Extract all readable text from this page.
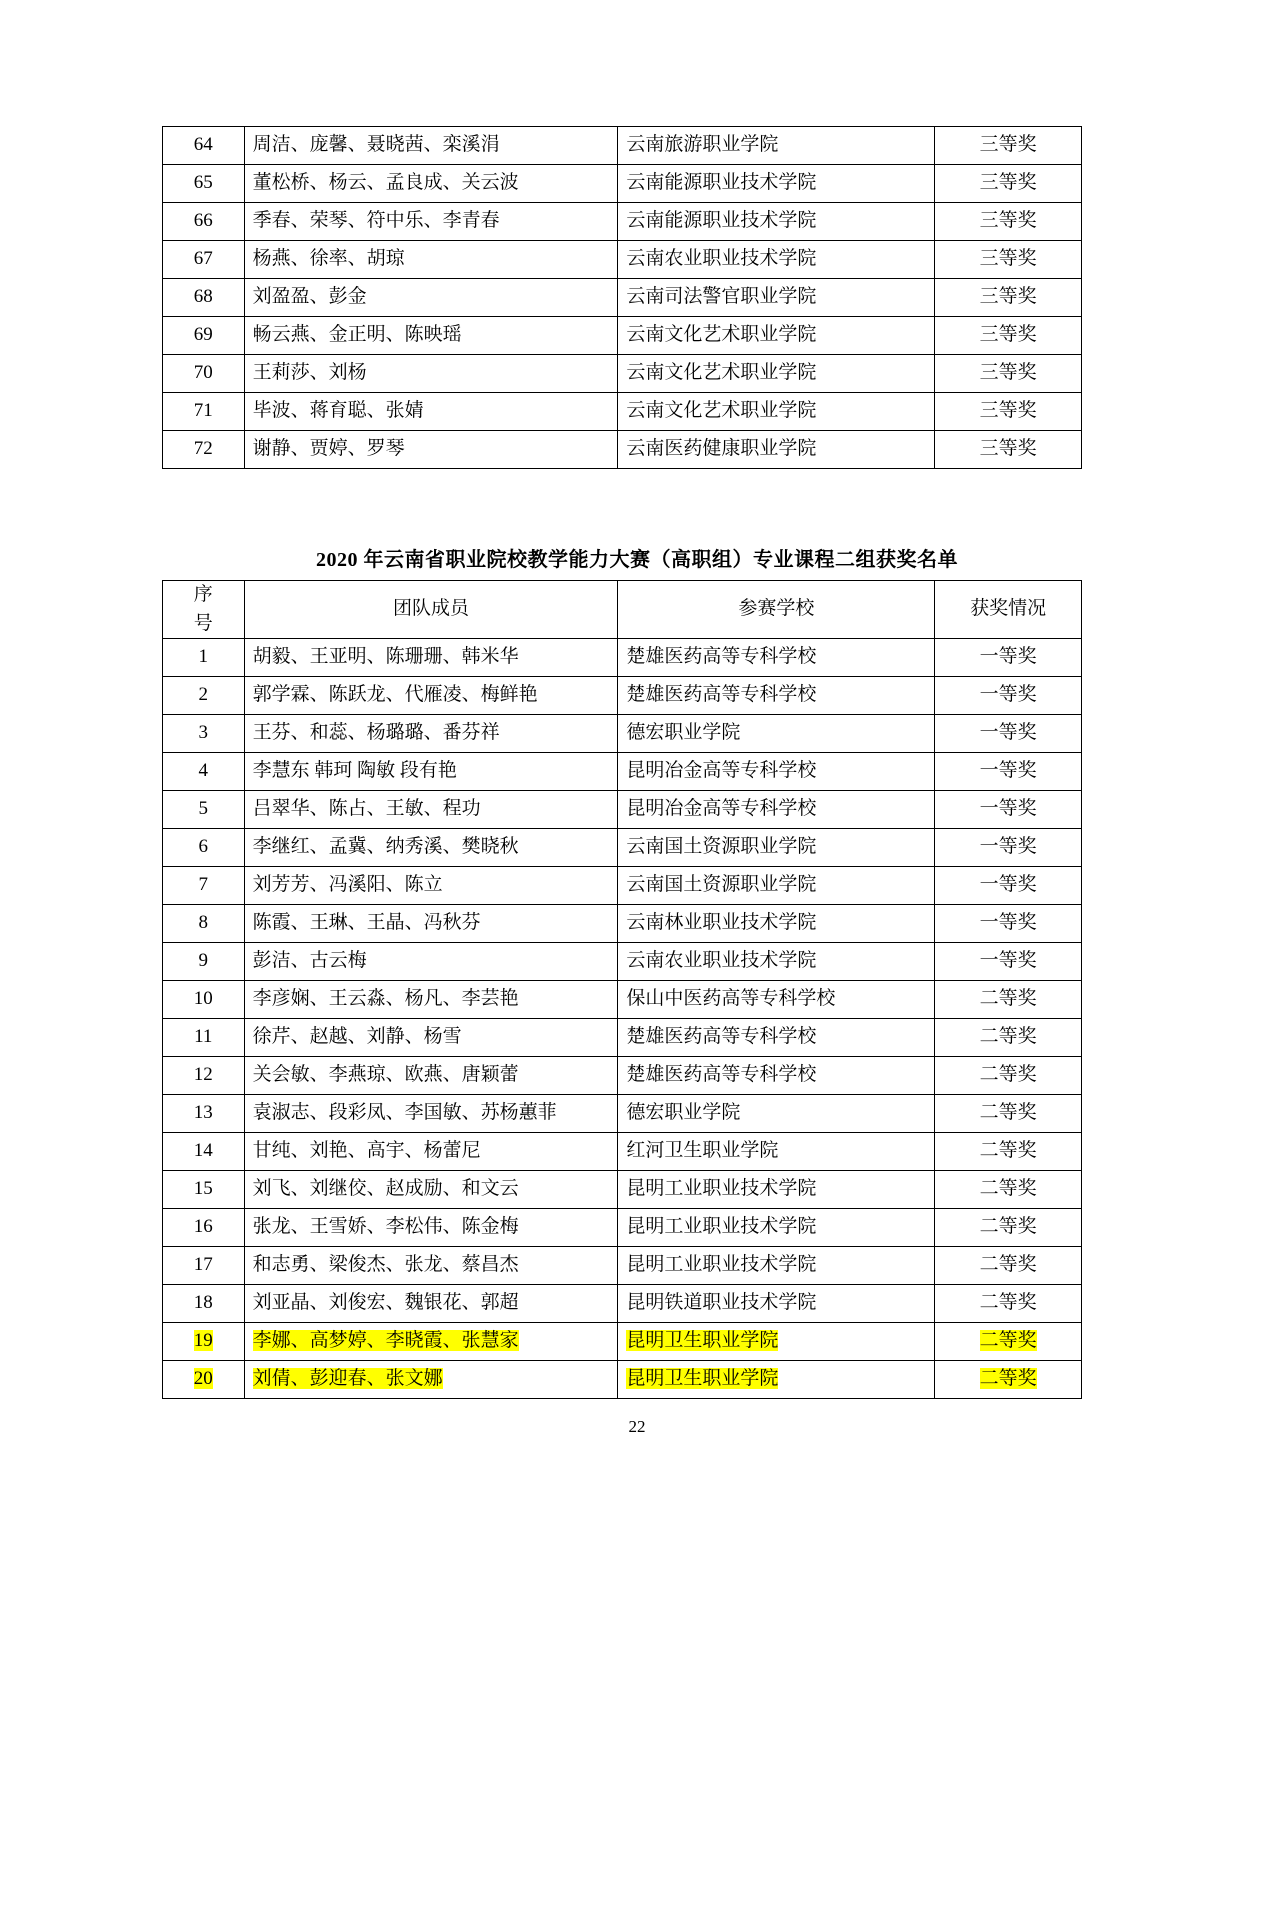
64	周洁、庞馨、聂晓茜、栾溪涓	云南旅游职业学院	三等奖
65	董松桥、杨云、孟良成、关云波	云南能源职业技术学院	三等奖
66	季春、荣琴、符中乐、李青春	云南能源职业技术学院	三等奖
67	杨燕、徐率、胡琼	云南农业职业技术学院	三等奖
68	刘盈盈、彭金	云南司法警官职业学院	三等奖
69	畅云燕、金正明、陈映瑶	云南文化艺术职业学院	三等奖
70	王莉莎、刘杨	云南文化艺术职业学院	三等奖
71	毕波、蒋育聪、张婧	云南文化艺术职业学院	三等奖
72	谢静、贾婷、罗琴	云南医药健康职业学院	三等奖
2020 年云南省职业院校教学能力大赛（高职组）专业课程二组获奖名单
序
号	团队成员	参赛学校	获奖情况
1	胡毅、王亚明、陈珊珊、韩米华	楚雄医药高等专科学校	一等奖
2	郭学霖、陈跃龙、代雁凌、梅鲜艳	楚雄医药高等专科学校	一等奖
3	王芬、和蕊、杨璐璐、番芬祥	德宏职业学院	一等奖
4	李慧东 韩珂 陶敏 段有艳	昆明冶金高等专科学校	一等奖
5	吕翠华、陈占、王敏、程功	昆明冶金高等专科学校	一等奖
6	李继红、孟冀、纳秀溪、樊晓秋	云南国土资源职业学院	一等奖
7	刘芳芳、冯溪阳、陈立	云南国土资源职业学院	一等奖
8	陈霞、王琳、王晶、冯秋芬	云南林业职业技术学院	一等奖
9	彭洁、古云梅	云南农业职业技术学院	一等奖
10	李彦娴、王云淼、杨凡、李芸艳	保山中医药高等专科学校	二等奖
11	徐芹、赵越、刘静、杨雪	楚雄医药高等专科学校	二等奖
12	关会敏、李燕琼、欧燕、唐颖蕾	楚雄医药高等专科学校	二等奖
13	袁淑志、段彩凤、李国敏、苏杨蕙菲	德宏职业学院	二等奖
14	甘纯、刘艳、高宇、杨蕾尼	红河卫生职业学院	二等奖
15	刘飞、刘继佼、赵成励、和文云	昆明工业职业技术学院	二等奖
16	张龙、王雪娇、李松伟、陈金梅	昆明工业职业技术学院	二等奖
17	和志勇、梁俊杰、张龙、蔡昌杰	昆明工业职业技术学院	二等奖
18	刘亚晶、刘俊宏、魏银花、郭超	昆明铁道职业技术学院	二等奖
19	李娜、高梦婷、李晓霞、张慧家	昆明卫生职业学院	二等奖
20	刘倩、彭迎春、张文娜	昆明卫生职业学院	二等奖
22
